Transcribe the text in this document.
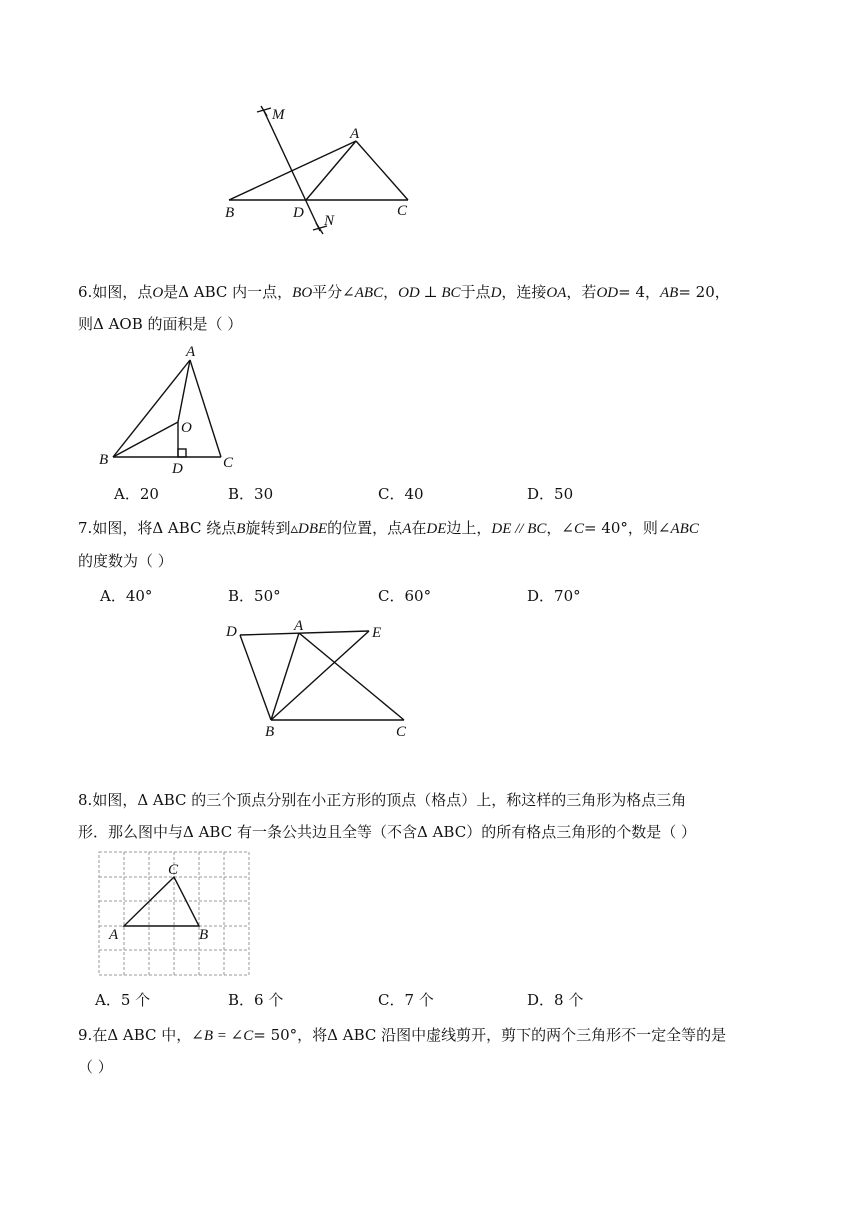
M
A
B	D	C
N
6.如图，点O是Δ ABC 内一点，BO平分∠ABC，OD ⊥ BC于点D，连接OA，若OD= 4，AB= 20，
则Δ AOB 的面积是（ ）
A
O
B
D	C
A．20	B．30	C．40	D．50
7.如图，将Δ ABC 绕点B旋转到▵DBE的位置，点A在DE边上，DE // BC，∠C= 40°，则∠ABC
的度数为（ ）
A．40°	B．50°	C．60°	D．70°
D	A	E
B	C
8.如图，Δ ABC 的三个顶点分别在小正方形的顶点（格点）上，称这样的三角形为格点三角
形．那么图中与Δ ABC 有一条公共边且全等（不含Δ ABC）的所有格点三角形的个数是（ ）
C
A	B
A．5 个	B．6 个	C．7 个	D．8 个
9.在Δ ABC 中，∠B = ∠C= 50°，将Δ ABC 沿图中虚线剪开，剪下的两个三角形不一定全等的是
（ ）
